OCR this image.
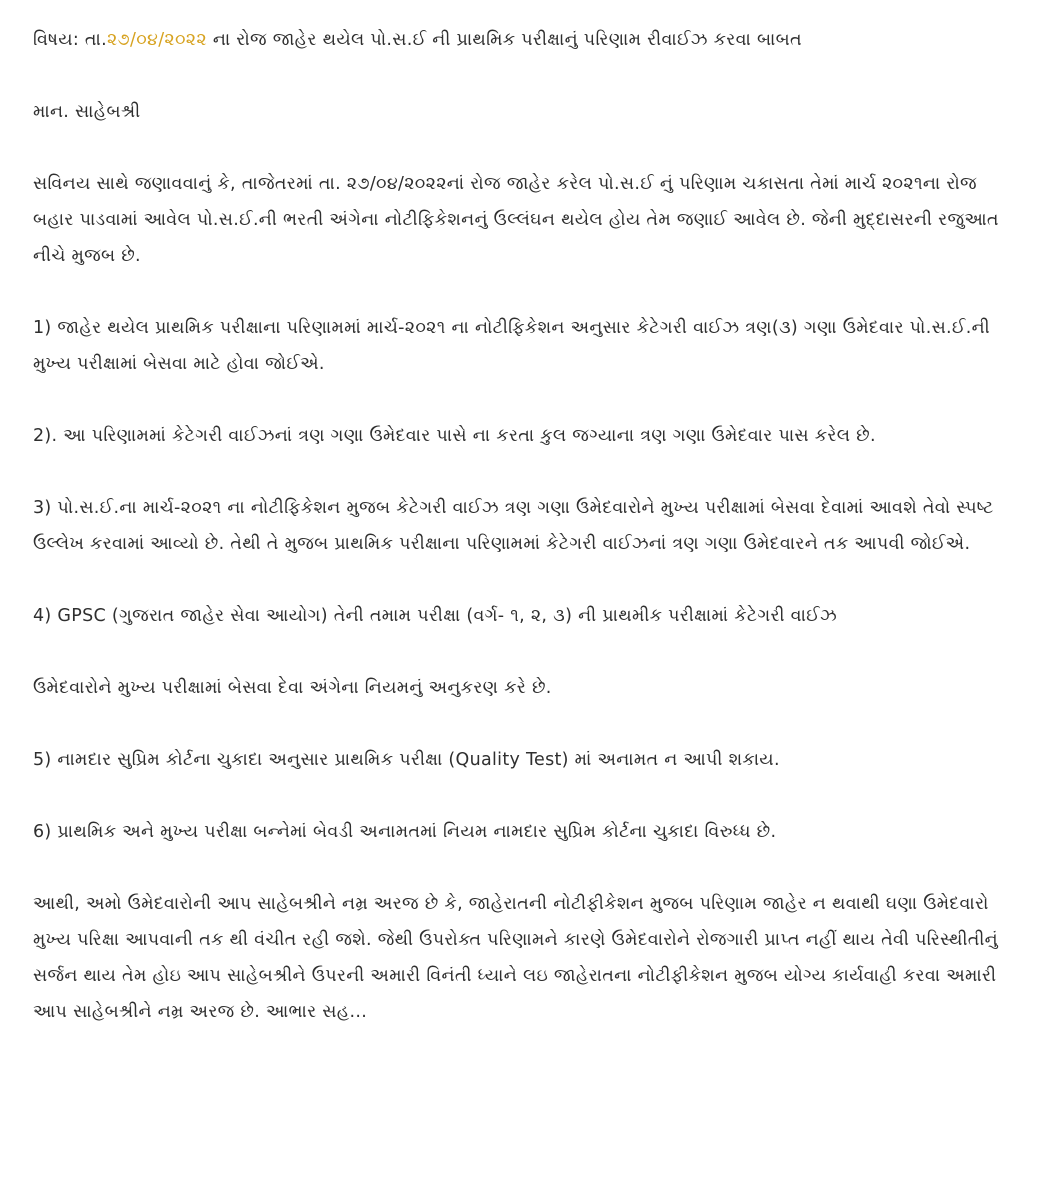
વિષય: તા.૨૭/૦૪/૨૦૨૨ ના રોજ જાહેર થયેલ પો.સ.ઈ ની પ્રાથમિક પરીક્ષાનું પરિણામ રીવાઈઝ કરવા બાબત

માન. સાહેબશ્રી

સવિનય સાથે જણાવવાનું કે, તાજેતરમાં તા. ૨૭/૦૪/૨૦૨૨નાં રોજ જાહેર કરેલ પો.સ.ઈ નું પરિણામ ચકાસતા તેમાં માર્ચ ૨૦૨૧ના રોજ બહાર પાડવામાં આવેલ પો.સ.ઈ.ની ભરતી અંગેના નોટીફિકેશનનું ઉલ્લંઘન થયેલ હોય તેમ જણાઈ આવેલ છે. જેની મુદ્દાસરની રજુઆત નીચે મુજબ છે.

1) જાહેર થયેલ પ્રાથમિક પરીક્ષાના પરિણામમાં માર્ચ-૨૦૨૧ ના નોટીફિકેશન અનુસાર કેટેગરી વાઈઝ ત્રણ(૩) ગણા ઉમેદવાર પો.સ.ઈ.ની મુખ્ય પરીક્ષામાં બેસવા માટે હોવા જોઈએ.

2). આ પરિણામમાં કેટેગરી વાઈઝનાં ત્રણ ગણા ઉમેદવાર પાસે ના કરતા કુલ જગ્યાના ત્રણ ગણા ઉમેદવાર પાસ કરેલ છે.

3) પો.સ.ઈ.ના માર્ચ-૨૦૨૧ ના નોટીફિકેશન મુજબ કેટેગરી વાઈઝ ત્રણ ગણા ઉમેદવારોને મુખ્ય પરીક્ષામાં બેસવા દેવામાં આવશે તેવો સ્પષ્ટ ઉલ્લેખ કરવામાં આવ્યો છે. તેથી તે મુજબ પ્રાથમિક પરીક્ષાના પરિણામમાં કેટેગરી વાઈઝનાં ત્રણ ગણા ઉમેદવારને તક આપવી જોઈએ.

4) GPSC (ગુજરાત જાહેર સેવા આયોગ) તેની તમામ પરીક્ષા (વર્ગ- ૧, ૨, ૩) ની પ્રાથમીક પરીક્ષામાં કેટેગરી વાઈઝ

ઉમેદવારોને મુખ્ય પરીક્ષામાં બેસવા દેવા અંગેના નિયમનું અનુકરણ કરે છે.

5) નામદાર સુપ્રિમ કોર્ટના ચુકાદા અનુસાર પ્રાથમિક પરીક્ષા (Quality Test) માં અનામત ન આપી શકાય.

6) પ્રાથમિક અને મુખ્ય પરીક્ષા બન્નેમાં બેવડી અનામતમાં નિયમ નામદાર સુપ્રિમ કોર્ટના ચુકાદા વિરુધ્ધ છે.

આથી, અમો ઉમેદવારોની આપ સાહેબશ્રીને નમ્ર અરજ છે કે, જાહેરાતની નોટીફીકેશન મુજબ પરિણામ જાહેર ન થવાથી ઘણા ઉમેદવારો મુખ્ય પરિક્ષા આપવાની તક થી વંચીત રહી જશે. જેથી ઉપરોક્ત પરિણામને કારણે ઉમેદવારોને રોજગારી પ્રાપ્ત નહીં થાય તેવી પરિસ્થીતીનું સર્જન થાય તેમ હોઇ આપ સાહેબશ્રીને ઉપરની અમારી વિનંતી ધ્યાને લઇ જાહેરાતના નોટીફીકેશન મુજબ યોગ્ય કાર્યવાહી કરવા અમારી આપ સાહેબશ્રીને નમ્ર અરજ છે. આભાર સહ...
